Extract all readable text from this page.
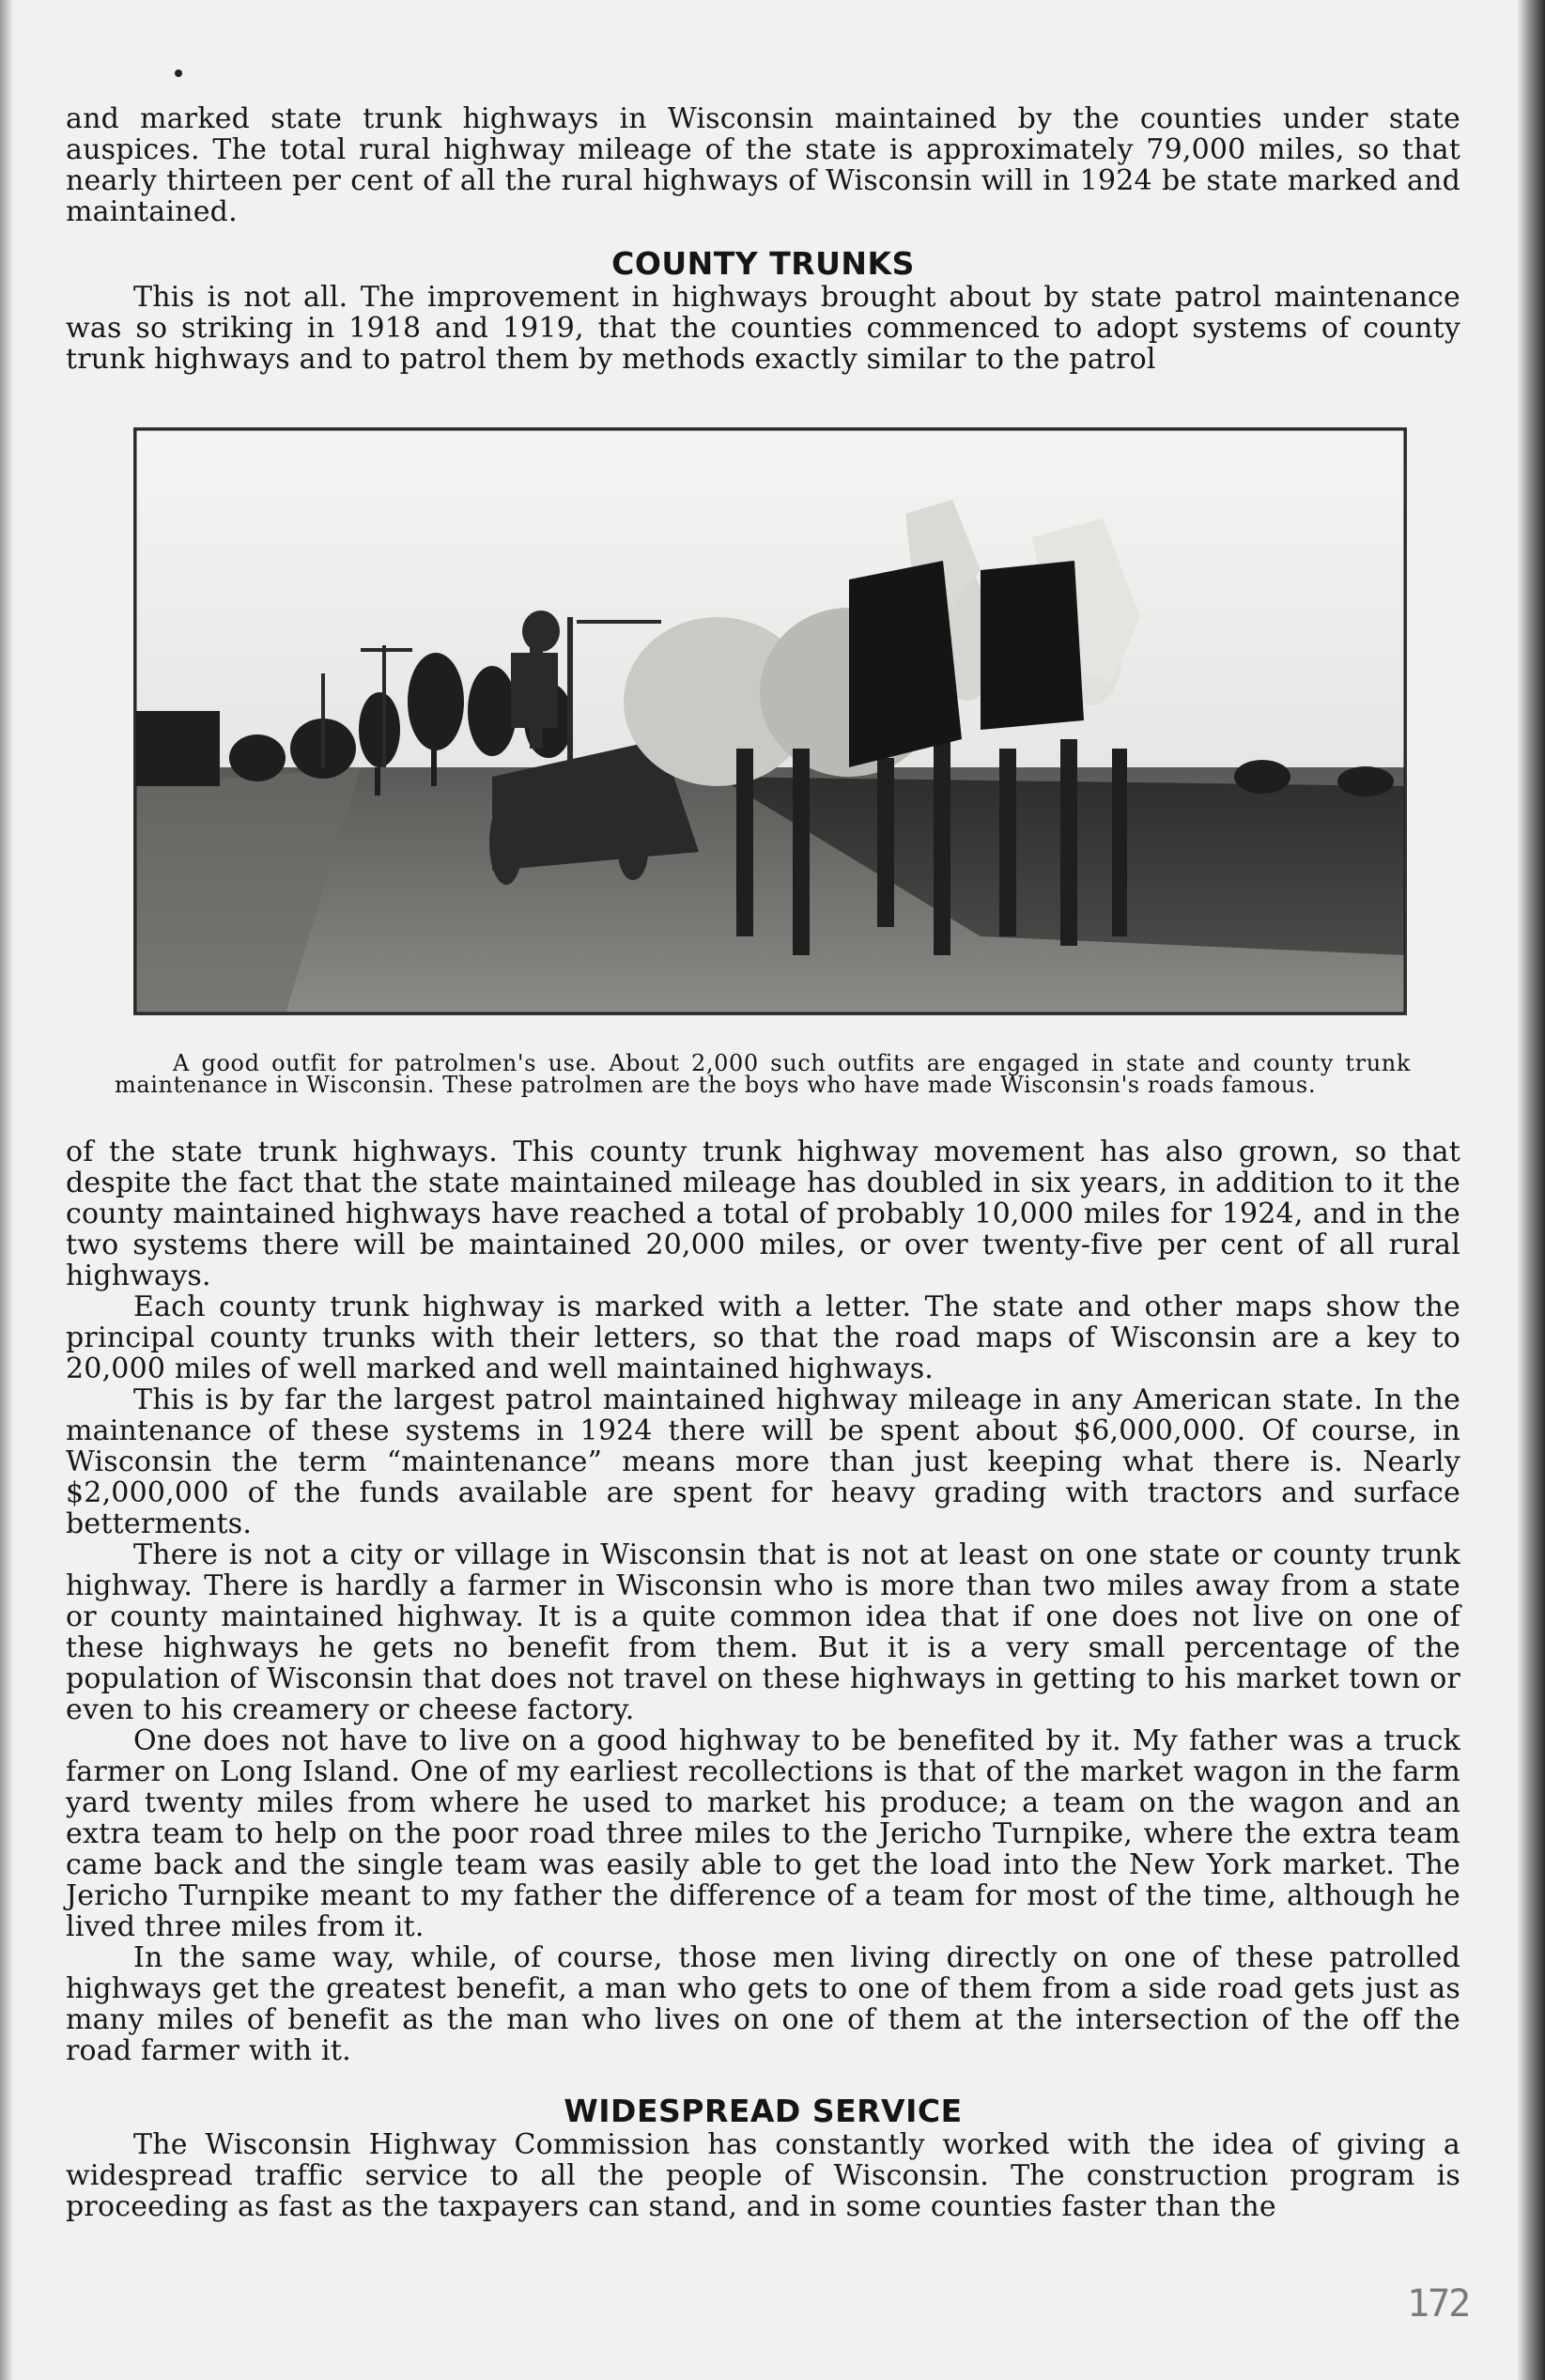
and marked state trunk highways in Wisconsin maintained by the counties under state auspices. The total rural highway mileage of the state is approximately 79,000 miles, so that nearly thirteen per cent of all the rural highways of Wisconsin will in 1924 be state marked and maintained.

COUNTY TRUNKS

This is not all. The improvement in highways brought about by state patrol maintenance was so striking in 1918 and 1919, that the counties commenced to adopt systems of county trunk highways and to patrol them by methods exactly similar to the patrol

A good outfit for patrolmen's use. About 2,000 such outfits are engaged in state and county trunk maintenance in Wisconsin. These patrolmen are the boys who have made Wisconsin's roads famous.

of the state trunk highways. This county trunk highway movement has also grown, so that despite the fact that the state maintained mileage has doubled in six years, in addition to it the county maintained highways have reached a total of probably 10,000 miles for 1924, and in the two systems there will be maintained 20,000 miles, or over twenty-five per cent of all rural highways.

Each county trunk highway is marked with a letter. The state and other maps show the principal county trunks with their letters, so that the road maps of Wisconsin are a key to 20,000 miles of well marked and well maintained highways.

This is by far the largest patrol maintained highway mileage in any American state. In the maintenance of these systems in 1924 there will be spent about $6,000,000. Of course, in Wisconsin the term “maintenance” means more than just keeping what there is. Nearly $2,000,000 of the funds available are spent for heavy grading with tractors and surface betterments.

There is not a city or village in Wisconsin that is not at least on one state or county trunk highway. There is hardly a farmer in Wisconsin who is more than two miles away from a state or county maintained highway. It is a quite common idea that if one does not live on one of these highways he gets no benefit from them. But it is a very small percentage of the population of Wisconsin that does not travel on these highways in getting to his market town or even to his creamery or cheese factory.

One does not have to live on a good highway to be benefited by it. My father was a truck farmer on Long Island. One of my earliest recollections is that of the market wagon in the farm yard twenty miles from where he used to market his produce; a team on the wagon and an extra team to help on the poor road three miles to the Jericho Turnpike, where the extra team came back and the single team was easily able to get the load into the New York market. The Jericho Turnpike meant to my father the difference of a team for most of the time, although he lived three miles from it.

In the same way, while, of course, those men living directly on one of these patrolled highways get the greatest benefit, a man who gets to one of them from a side road gets just as many miles of benefit as the man who lives on one of them at the intersection of the off the road farmer with it.

WIDESPREAD SERVICE

The Wisconsin Highway Commission has constantly worked with the idea of giving a widespread traffic service to all the people of Wisconsin. The construction program is proceeding as fast as the taxpayers can stand, and in some counties faster than the

172
